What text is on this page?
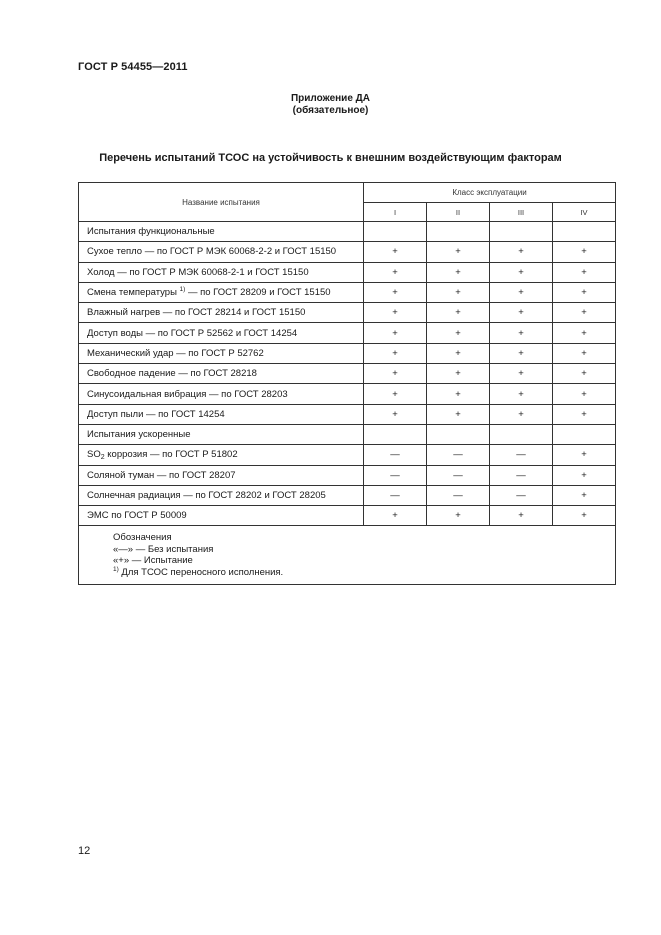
ГОСТ Р 54455—2011
Приложение ДА
(обязательное)
Перечень испытаний ТСОС на устойчивость к внешним воздействующим факторам
Название испытания	Класс эксплуатации			
	I	II	III	IV
Испытания функциональные				
Сухое тепло — по ГОСТ Р МЭК 60068-2-2 и ГОСТ 15150	+	+	+	+
Холод — по ГОСТ Р МЭК 60068-2-1 и ГОСТ 15150	+	+	+	+
Смена температуры $^{1)}$ — по ГОСТ 28209 и ГОСТ 15150	+	+	+	+
Влажный нагрев — по ГОСТ 28214 и ГОСТ 15150	+	+	+	+
Доступ воды — по ГОСТ Р 52562 и ГОСТ 14254	+	+	+	+
Механический удар — по ГОСТ Р 52762	+	+	+	+
Свободное падение — по ГОСТ 28218	+	+	+	+
Синусоидальная вибрация — по ГОСТ 28203	+	+	+	+
Доступ пыли — по ГОСТ 14254	+	+	+	+
Испытания ускоренные				
$SO_2$ коррозия — по ГОСТ Р 51802	—	—	—	+
Соляной туман — по ГОСТ 28207	—	—	—	+
Солнечная радиация — по ГОСТ 28202 и ГОСТ 28205	—	—	—	+
ЭМС по ГОСТ Р 50009	+	+	+	+

Обозначения
«—» — Без испытания
«+» — Испытание
$^{1)}$ Для ТСОС переносного исполнения.				
12
